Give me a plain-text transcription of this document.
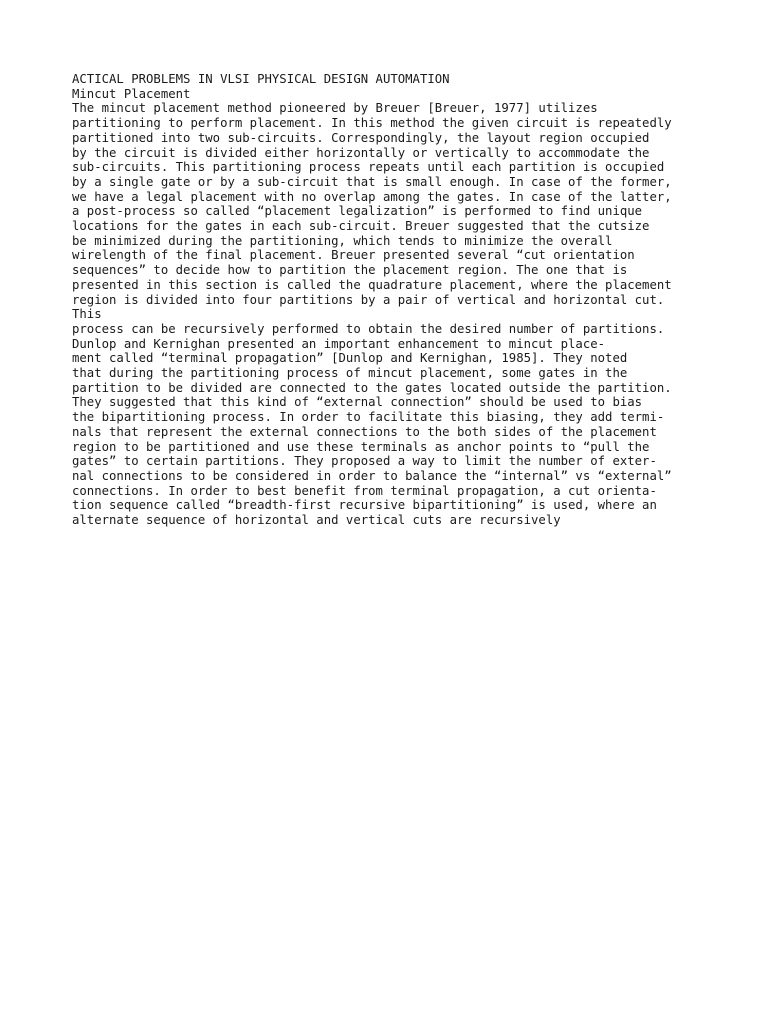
ACTICAL PROBLEMS IN VLSI PHYSICAL DESIGN AUTOMATION

Mincut Placement

The mincut placement method pioneered by Breuer [Breuer, 1977] utilizes

partitioning to perform placement. In this method the given circuit is repeatedly

partitioned into two sub-circuits. Correspondingly, the layout region occupied

by the circuit is divided either horizontally or vertically to accommodate the

sub-circuits. This partitioning process repeats until each partition is occupied

by a single gate or by a sub-circuit that is small enough. In case of the former,

we have a legal placement with no overlap among the gates. In case of the latter,

a post-process so called “placement legalization” is performed to find unique

locations for the gates in each sub-circuit. Breuer suggested that the cutsize

be minimized during the partitioning, which tends to minimize the overall

wirelength of the final placement. Breuer presented several “cut orientation

sequences” to decide how to partition the placement region. The one that is

presented in this section is called the quadrature placement, where the placement

region is divided into four partitions by a pair of vertical and horizontal cut.

This

process can be recursively performed to obtain the desired number of partitions.

Dunlop and Kernighan presented an important enhancement to mincut place-

ment called “terminal propagation” [Dunlop and Kernighan, 1985]. They noted

that during the partitioning process of mincut placement, some gates in the

partition to be divided are connected to the gates located outside the partition.

They suggested that this kind of “external connection” should be used to bias

the bipartitioning process. In order to facilitate this biasing, they add termi-

nals that represent the external connections to the both sides of the placement

region to be partitioned and use these terminals as anchor points to “pull the

gates” to certain partitions. They proposed a way to limit the number of exter-

nal connections to be considered in order to balance the “internal” vs “external”

connections. In order to best benefit from terminal propagation, a cut orienta-

tion sequence called “breadth-first recursive bipartitioning” is used, where an

alternate sequence of horizontal and vertical cuts are recursively
